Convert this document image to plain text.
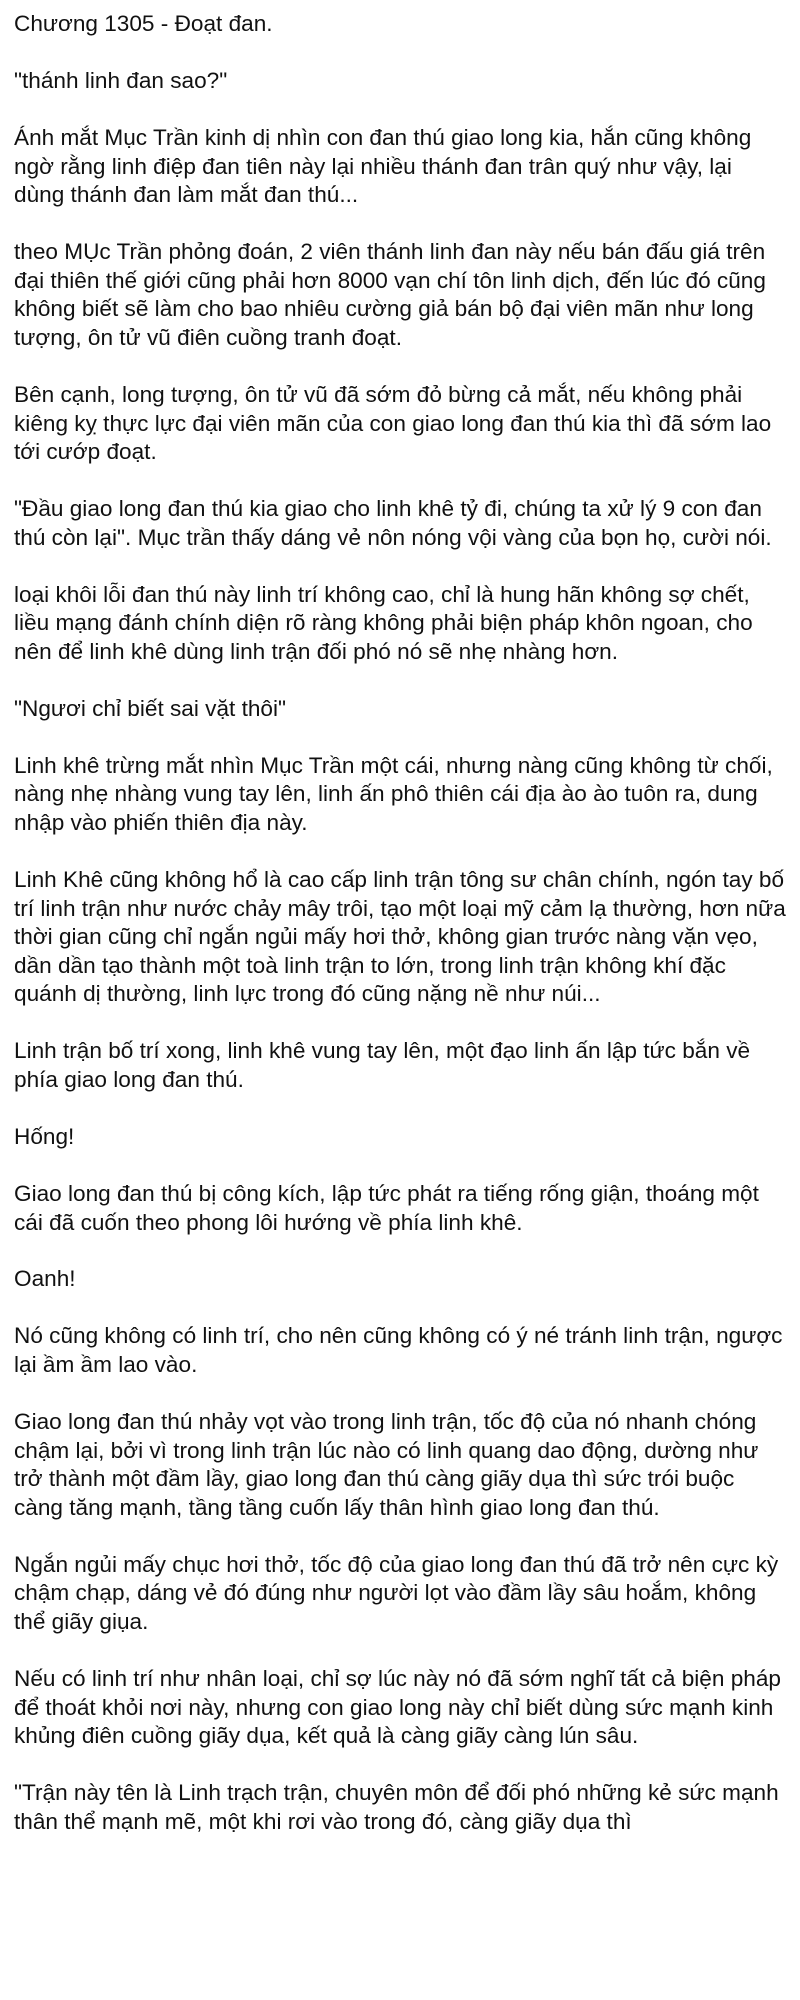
Chương 1305 - Đoạt đan.

"thánh linh đan sao?"

Ánh mắt Mục Trần kinh dị nhìn con đan thú giao long kia, hắn cũng không ngờ rằng linh điệp đan tiên này lại nhiều thánh đan trân quý như vậy, lại dùng thánh đan làm mắt đan thú...

theo MỤc Trần phỏng đoán, 2 viên thánh linh đan này nếu bán đấu giá trên đại thiên thế giới cũng phải hơn 8000 vạn chí tôn linh dịch, đến lúc đó cũng không biết sẽ làm cho bao nhiêu cường giả bán bộ đại viên mãn như long tượng, ôn tử vũ điên cuồng tranh đoạt.

Bên cạnh, long tượng, ôn tử vũ đã sớm đỏ bừng cả mắt, nếu không phải kiêng kỵ thực lực đại viên mãn của con giao long đan thú kia thì đã sớm lao tới cướp đoạt.

"Đầu giao long đan thú kia giao cho linh khê tỷ đi, chúng ta xử lý 9 con đan thú còn lại". Mục trần thấy dáng vẻ nôn nóng vội vàng của bọn họ, cười nói.

loại khôi lỗi đan thú này linh trí không cao, chỉ là hung hãn không sợ chết, liều mạng đánh chính diện rõ ràng không phải biện pháp khôn ngoan, cho nên để linh khê dùng linh trận đối phó nó sẽ nhẹ nhàng hơn.

"Ngươi chỉ biết sai vặt thôi"

Linh khê trừng mắt nhìn Mục Trần một cái, nhưng nàng cũng không từ chối, nàng nhẹ nhàng vung tay lên, linh ấn phô thiên cái địa ào ào tuôn ra, dung nhập vào phiến thiên địa này.

Linh Khê cũng không hổ là cao cấp linh trận tông sư chân chính, ngón tay bố trí linh trận như nước chảy mây trôi, tạo một loại mỹ cảm lạ thường, hơn nữa thời gian cũng chỉ ngắn ngủi mấy hơi thở, không gian trước nàng vặn vẹo, dần dần tạo thành một toà linh trận to lớn, trong linh trận không khí đặc quánh dị thường, linh lực trong đó cũng nặng nề như núi...

Linh trận bố trí xong, linh khê vung tay lên, một đạo linh ấn lập tức bắn về phía giao long đan thú.

Hống!

Giao long đan thú bị công kích, lập tức phát ra tiếng rống giận, thoáng một cái đã cuốn theo phong lôi hướng về phía linh khê.

Oanh!

Nó cũng không có linh trí, cho nên cũng không có ý né tránh linh trận, ngược lại ầm ầm lao vào.

Giao long đan thú nhảy vọt vào trong linh trận, tốc độ của nó nhanh chóng chậm lại, bởi vì trong linh trận lúc nào có linh quang dao động, dường như trở thành một đầm lầy, giao long đan thú càng giãy dụa thì sức trói buộc càng tăng mạnh, tầng tầng cuốn lấy thân hình giao long đan thú.

Ngắn ngủi mấy chục hơi thở, tốc độ của giao long đan thú đã trở nên cực kỳ chậm chạp, dáng vẻ đó đúng như người lọt vào đầm lầy sâu hoắm, không thể giãy giụa.

Nếu có linh trí như nhân loại, chỉ sợ lúc này nó đã sớm nghĩ tất cả biện pháp để thoát khỏi nơi này, nhưng con giao long này chỉ biết dùng sức mạnh kinh khủng điên cuồng giãy dụa, kết quả là càng giãy càng lún sâu.

"Trận này tên là Linh trạch trận, chuyên môn để đối phó những kẻ sức mạnh thân thể mạnh mẽ, một khi rơi vào trong đó, càng giãy dụa thì
